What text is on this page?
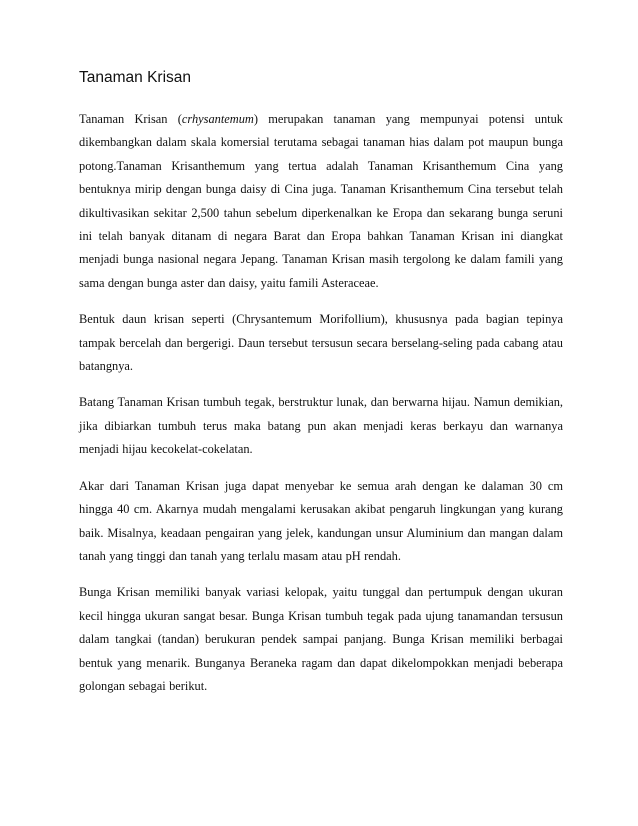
Tanaman Krisan

Tanaman Krisan (crhysantemum) merupakan tanaman yang mempunyai potensi untuk dikembangkan dalam skala komersial terutama sebagai tanaman hias dalam pot maupun bunga potong.Tanaman Krisanthemum yang tertua adalah Tanaman Krisanthemum Cina yang bentuknya mirip dengan bunga daisy di Cina juga. Tanaman Krisanthemum Cina tersebut telah dikultivasikan sekitar 2,500 tahun sebelum diperkenalkan ke Eropa dan sekarang bunga seruni ini telah banyak ditanam di negara Barat dan Eropa bahkan Tanaman Krisan ini diangkat menjadi bunga nasional negara Jepang. Tanaman Krisan masih tergolong ke dalam famili yang sama dengan bunga aster dan daisy, yaitu famili Asteraceae.

Bentuk daun krisan seperti (Chrysantemum Morifollium), khususnya pada bagian tepinya tampak bercelah dan bergerigi. Daun tersebut tersusun secara berselang-seling pada cabang atau batangnya.

Batang Tanaman Krisan tumbuh tegak, berstruktur lunak, dan berwarna hijau. Namun demikian, jika dibiarkan tumbuh terus maka batang pun akan menjadi keras berkayu dan warnanya menjadi hijau kecokelat-cokelatan.

Akar dari Tanaman Krisan juga dapat menyebar ke semua arah dengan ke dalaman 30 cm hingga 40 cm. Akarnya mudah mengalami kerusakan akibat pengaruh lingkungan yang kurang baik. Misalnya, keadaan pengairan yang jelek, kandungan unsur Aluminium dan mangan dalam tanah yang tinggi dan tanah yang terlalu masam atau pH rendah.

Bunga Krisan memiliki banyak variasi kelopak, yaitu tunggal dan pertumpuk dengan ukuran kecil hingga ukuran sangat besar. Bunga Krisan tumbuh tegak pada ujung tanamandan tersusun dalam tangkai (tandan) berukuran pendek sampai panjang. Bunga Krisan memiliki berbagai bentuk yang menarik. Bunganya Beraneka ragam dan dapat dikelompokkan menjadi beberapa golongan sebagai berikut.
